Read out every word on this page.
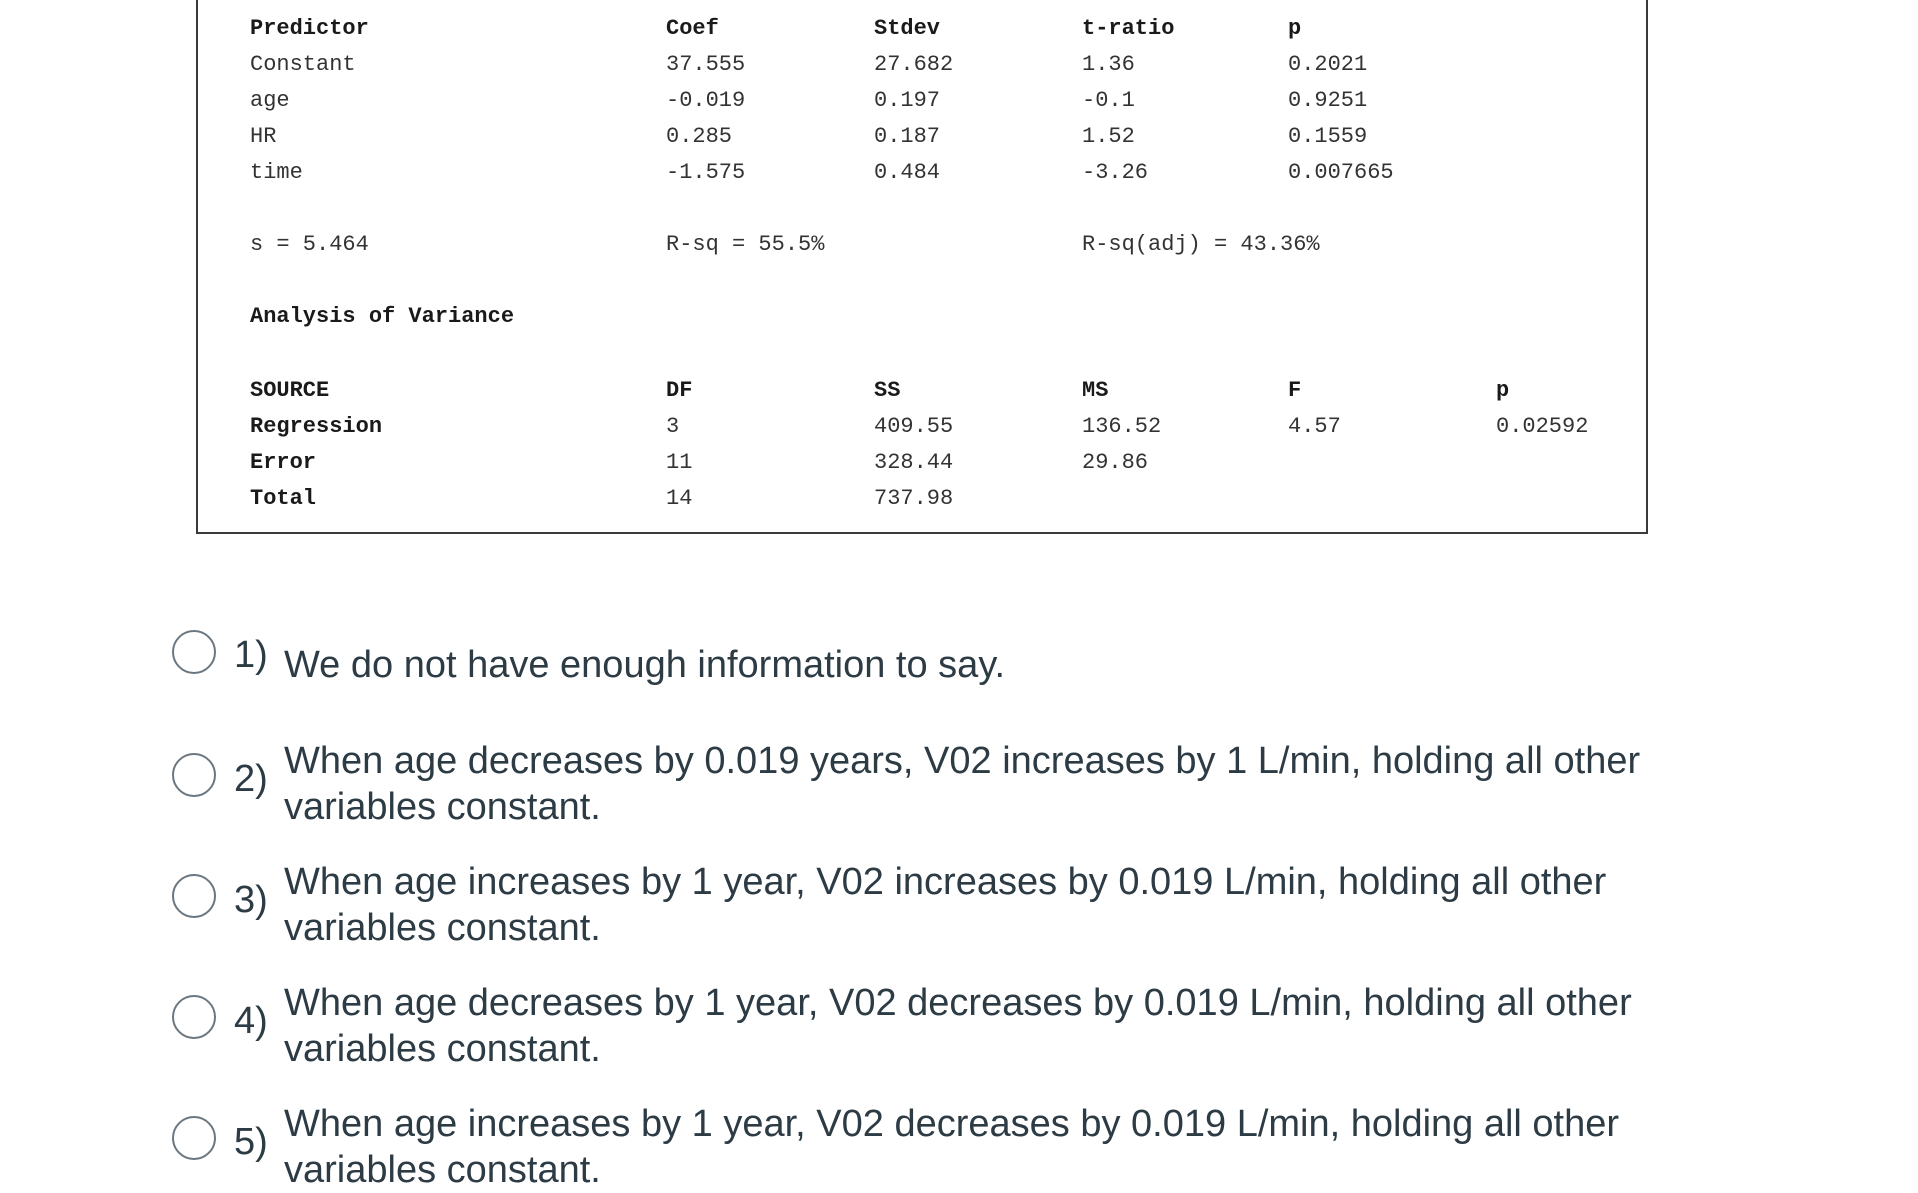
Predictor	Coef	Stdev	t-ratio	p
Constant	37.555	27.682	1.36	0.2021
age	-0.019	0.197	-0.1	0.9251
HR	0.285	0.187	1.52	0.1559
time	-1.575	0.484	-3.26	0.007665
s = 5.464	R-sq = 55.5%	R-sq(adj) = 43.36%
Analysis of Variance
SOURCE	DF	SS	MS	F	p
Regression	3	409.55	136.52	4.57	0.02592
Error	11	328.44	29.86
Total	14	737.98
1) We do not have enough information to say.
2) When age decreases by 0.019 years, V02 increases by 1 L/min, holding all other variables constant.
3) When age increases by 1 year, V02 increases by 0.019 L/min, holding all other variables constant.
4) When age decreases by 1 year, V02 decreases by 0.019 L/min, holding all other variables constant.
5) When age increases by 1 year, V02 decreases by 0.019 L/min, holding all other variables constant.
